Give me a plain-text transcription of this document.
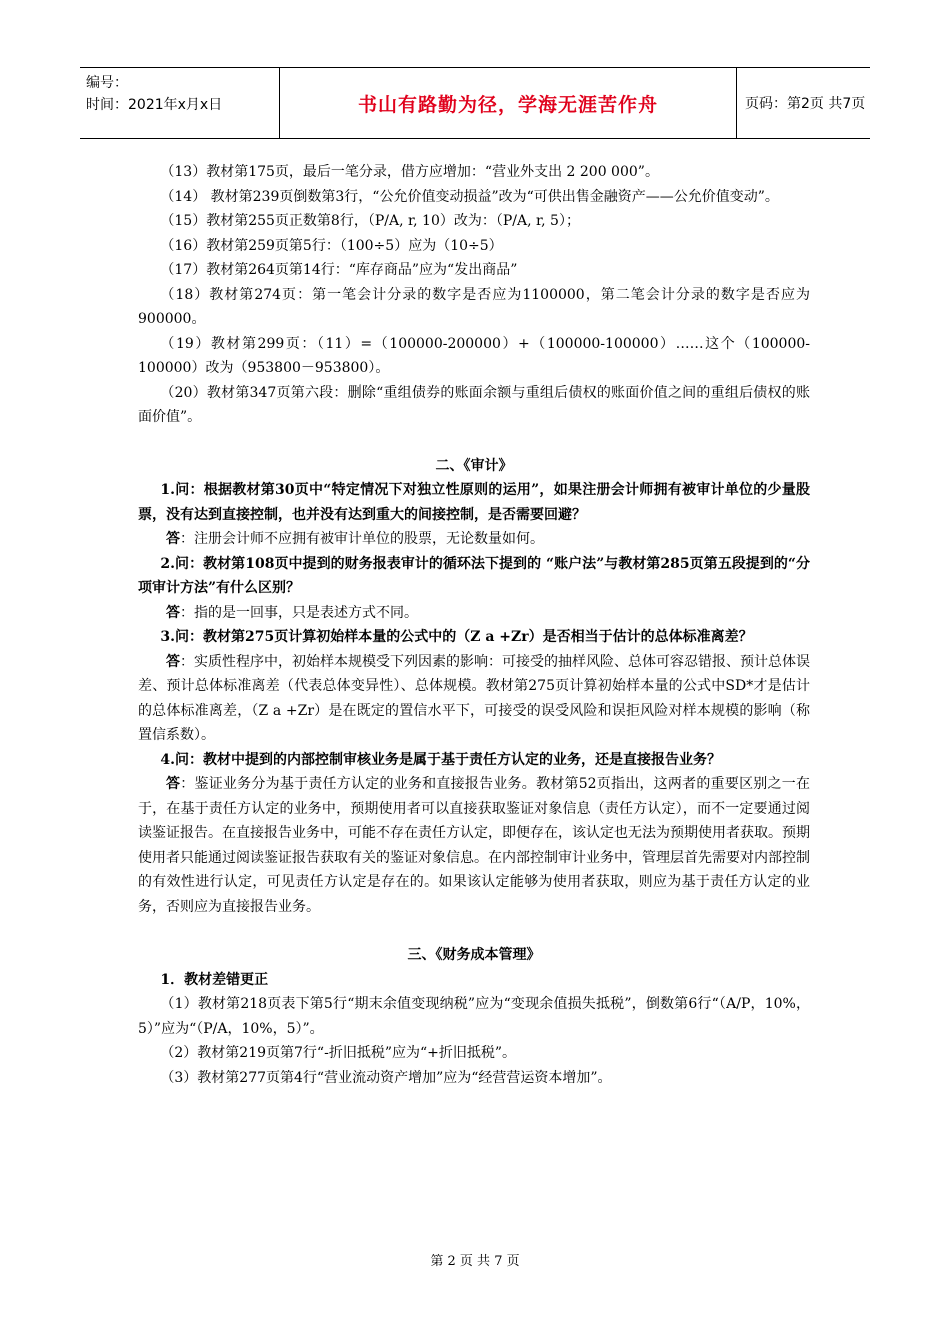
编号：
时间：2021年x月x日	书山有路勤为径，学海无涯苦作舟	页码：第2页 共7页

（13）教材第175页，最后一笔分录，借方应增加：“营业外支出 2 200 000”。

（14） 教材第239页倒数第3行，“公允价值变动损益”改为“可供出售金融资产——公允价值变动”。

（15）教材第255页正数第8行，（P/A, r, 10）改为：（P/A, r, 5）；

（16）教材第259页第5行：（100÷5）应为（10÷5）

（17）教材第264页第14行：“库存商品”应为“发出商品”

（18）教材第274页：第一笔会计分录的数字是否应为1100000，第二笔会计分录的数字是否应为900000。

（19）教材第299页：（11）=（100000-200000）+（100000-100000）……这个（100000-100000）改为（953800－953800）。

（20）教材第347页第六段：删除“重组债券的账面余额与重组后债权的账面价值之间的重组后债权的账面价值”。

二、《审计》

1.问：根据教材第30页中“特定情况下对独立性原则的运用”，如果注册会计师拥有被审计单位的少量股票，没有达到直接控制，也并没有达到重大的间接控制，是否需要回避？

答：注册会计师不应拥有被审计单位的股票，无论数量如何。

2.问：教材第108页中提到的财务报表审计的循环法下提到的 “账户法”与教材第285页第五段提到的“分项审计方法”有什么区别？

答：指的是一回事，只是表述方式不同。

3.问：教材第275页计算初始样本量的公式中的（Z a +Zr）是否相当于估计的总体标准离差？

答：实质性程序中，初始样本规模受下列因素的影响：可接受的抽样风险、总体可容忍错报、预计总体误差、预计总体标准离差（代表总体变异性）、总体规模。教材第275页计算初始样本量的公式中SD*才是估计的总体标准离差，（Z a +Zr）是在既定的置信水平下，可接受的误受风险和误拒风险对样本规模的影响（称置信系数）。

4.问：教材中提到的内部控制审核业务是属于基于责任方认定的业务，还是直接报告业务？

答：鉴证业务分为基于责任方认定的业务和直接报告业务。教材第52页指出，这两者的重要区别之一在于，在基于责任方认定的业务中，预期使用者可以直接获取鉴证对象信息（责任方认定），而不一定要通过阅读鉴证报告。在直接报告业务中，可能不存在责任方认定，即便存在，该认定也无法为预期使用者获取。预期使用者只能通过阅读鉴证报告获取有关的鉴证对象信息。在内部控制审计业务中，管理层首先需要对内部控制的有效性进行认定，可见责任方认定是存在的。如果该认定能够为使用者获取，则应为基于责任方认定的业务，否则应为直接报告业务。

三、《财务成本管理》

1．教材差错更正

（1）教材第218页表下第5行“期末余值变现纳税”应为“变现余值损失抵税”，倒数第6行“（A/P，10%，5）”应为“（P/A，10%，5）”。

（2）教材第219页第7行“-折旧抵税”应为“+折旧抵税”。

（3）教材第277页第4行“营业流动资产增加”应为“经营营运资本增加”。

第 2 页 共 7 页
